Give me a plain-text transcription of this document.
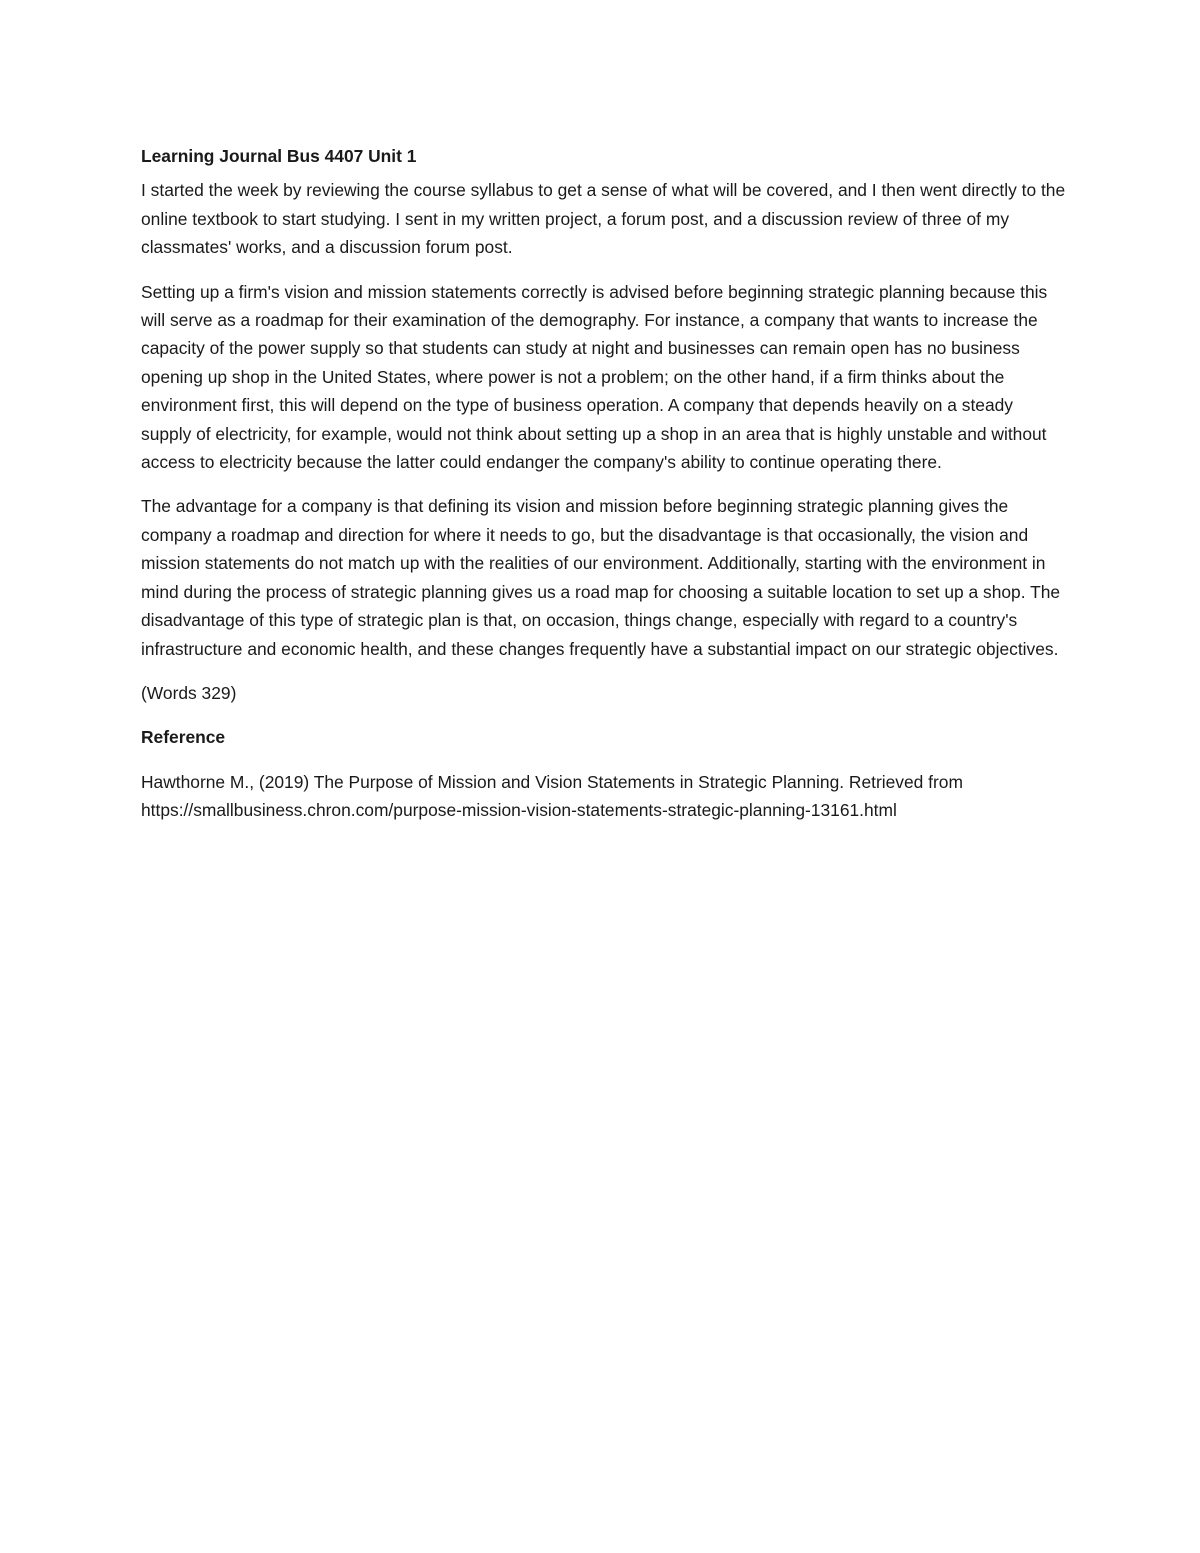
Learning Journal Bus 4407 Unit 1

I started the week by reviewing the course syllabus to get a sense of what will be covered, and I then went directly to the online textbook to start studying. I sent in my written project, a forum post, and a discussion review of three of my classmates' works, and a discussion forum post.

Setting up a firm's vision and mission statements correctly is advised before beginning strategic planning because this will serve as a roadmap for their examination of the demography. For instance, a company that wants to increase the capacity of the power supply so that students can study at night and businesses can remain open has no business opening up shop in the United States, where power is not a problem; on the other hand, if a firm thinks about the environment first, this will depend on the type of business operation. A company that depends heavily on a steady supply of electricity, for example, would not think about setting up a shop in an area that is highly unstable and without access to electricity because the latter could endanger the company's ability to continue operating there.

The advantage for a company is that defining its vision and mission before beginning strategic planning gives the company a roadmap and direction for where it needs to go, but the disadvantage is that occasionally, the vision and mission statements do not match up with the realities of our environment. Additionally, starting with the environment in mind during the process of strategic planning gives us a road map for choosing a suitable location to set up a shop. The disadvantage of this type of strategic plan is that, on occasion, things change, especially with regard to a country's infrastructure and economic health, and these changes frequently have a substantial impact on our strategic objectives.

(Words 329)

Reference

Hawthorne M., (2019) The Purpose of Mission and Vision Statements in Strategic Planning. Retrieved from https://smallbusiness.chron.com/purpose-mission-vision-statements-strategic-planning-13161.html
